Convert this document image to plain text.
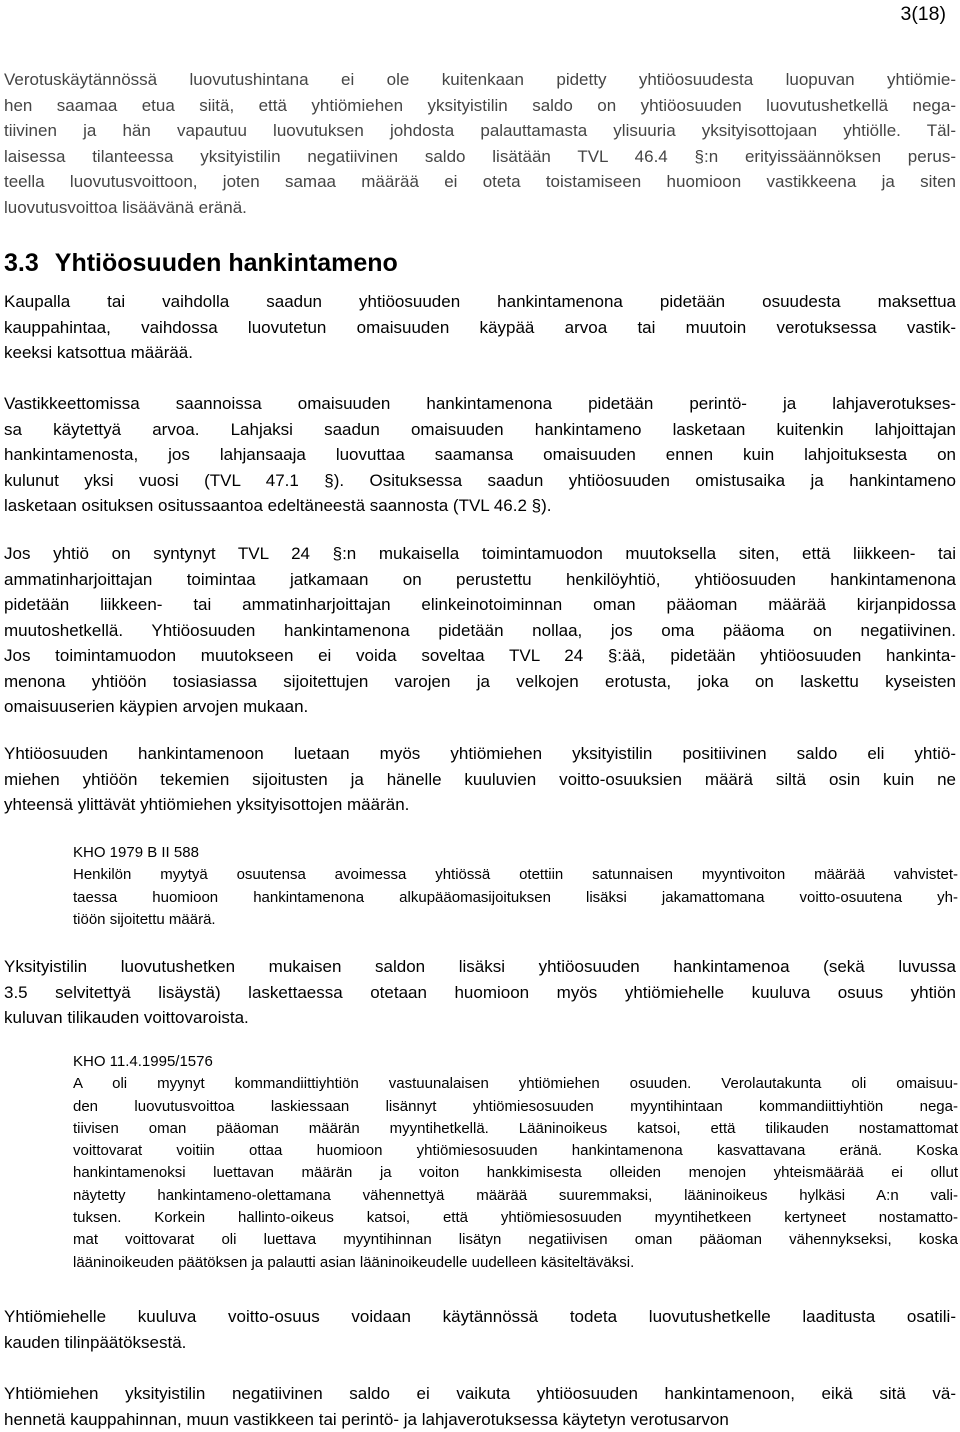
3(18)
Verotuskäytännössä luovutushintana ei ole kuitenkaan pidetty yhtiöosuudesta luopuvan yhtiömie-
hen saamaa etua siitä, että yhtiömiehen yksityistilin saldo on yhtiöosuuden luovutushetkellä nega-
tiivinen ja hän vapautuu luovutuksen johdosta palauttamasta ylisuuria yksityisottojaan yhtiölle. Täl-
laisessa tilanteessa yksityistilin negatiivinen saldo lisätään TVL 46.4 §:n erityissäännöksen perus-
teella luovutusvoittoon, joten samaa määrää ei oteta toistamiseen huomioon vastikkeena ja siten
luovutusvoittoa lisäävänä eränä.
3.3 Yhtiöosuuden hankintameno
Kaupalla tai vaihdolla saadun yhtiöosuuden hankintamenona pidetään osuudesta maksettua
kauppahintaa, vaihdossa luovutetun omaisuuden käypää arvoa tai muutoin verotuksessa vastik-
keeksi katsottua määrää.
Vastikkeettomissa saannoissa omaisuuden hankintamenona pidetään perintö- ja lahjaverotukses-
sa käytettyä arvoa. Lahjaksi saadun omaisuuden hankintameno lasketaan kuitenkin lahjoittajan
hankintamenosta, jos lahjansaaja luovuttaa saamansa omaisuuden ennen kuin lahjoituksesta on
kulunut yksi vuosi (TVL 47.1 §). Osituksessa saadun yhtiöosuuden omistusaika ja hankintameno
lasketaan osituksen ositussaantoa edeltäneestä saannosta (TVL 46.2 §).
Jos yhtiö on syntynyt TVL 24 §:n mukaisella toimintamuodon muutoksella siten, että liikkeen- tai
ammatinharjoittajan toimintaa jatkamaan on perustettu henkilöyhtiö, yhtiöosuuden hankintamenona
pidetään liikkeen- tai ammatinharjoittajan elinkeinotoiminnan oman pääoman määrää kirjanpidossa
muutoshetkellä. Yhtiöosuuden hankintamenona pidetään nollaa, jos oma pääoma on negatiivinen.
Jos toimintamuodon muutokseen ei voida soveltaa TVL 24 §:ää, pidetään yhtiöosuuden hankinta-
menona yhtiöön tosiasiassa sijoitettujen varojen ja velkojen erotusta, joka on laskettu kyseisten
omaisuuserien käypien arvojen mukaan.
Yhtiöosuuden hankintamenoon luetaan myös yhtiömiehen yksityistilin positiivinen saldo eli yhtiö-
miehen yhtiöön tekemien sijoitusten ja hänelle kuuluvien voitto-osuuksien määrä siltä osin kuin ne
yhteensä ylittävät yhtiömiehen yksityisottojen määrän.
KHO 1979 B II 588
Henkilön myytyä osuutensa avoimessa yhtiössä otettiin satunnaisen myyntivoiton määrää vahvistet-
taessa huomioon hankintamenona alkupääomasijoituksen lisäksi jakamattomana voitto-osuutena yh-
tiöön sijoitettu määrä.
Yksityistilin luovutushetken mukaisen saldon lisäksi yhtiöosuuden hankintamenoa (sekä luvussa
3.5 selvitettyä lisäystä) laskettaessa otetaan huomioon myös yhtiömiehelle kuuluva osuus yhtiön
kuluvan tilikauden voittovaroista.
KHO 11.4.1995/1576
A oli myynyt kommandiittiyhtiön vastuunalaisen yhtiömiehen osuuden. Verolautakunta oli omaisuu-
den luovutusvoittoa laskiessaan lisännyt yhtiömiesosuuden myyntihintaan kommandiittiyhtiön nega-
tiivisen oman pääoman määrän myyntihetkellä. Lääninoikeus katsoi, että tilikauden nostamattomat
voittovarat voitiin ottaa huomioon yhtiömiesosuuden hankintamenona kasvattavana eränä. Koska
hankintamenoksi luettavan määrän ja voiton hankkimisesta olleiden menojen yhteismäärää ei ollut
näytetty hankintameno-olettamana vähennettyä määrää suuremmaksi, lääninoikeus hylkäsi A:n vali-
tuksen. Korkein hallinto-oikeus katsoi, että yhtiömiesosuuden myyntihetkeen kertyneet nostamatto-
mat voittovarat oli luettava myyntihinnan lisätyn negatiivisen oman pääoman vähennykseksi, koska
lääninoikeuden päätöksen ja palautti asian lääninoikeudelle uudelleen käsiteltäväksi.
Yhtiömiehelle kuuluva voitto-osuus voidaan käytännössä todeta luovutushetkelle laaditusta osatili-
kauden tilinpäätöksestä.
Yhtiömiehen yksityistilin negatiivinen saldo ei vaikuta yhtiöosuuden hankintamenoon, eikä sitä vä-
hennetä kauppahinnan, muun vastikkeen tai perintö- ja lahjaverotuksessa käytetyn verotusarvon
